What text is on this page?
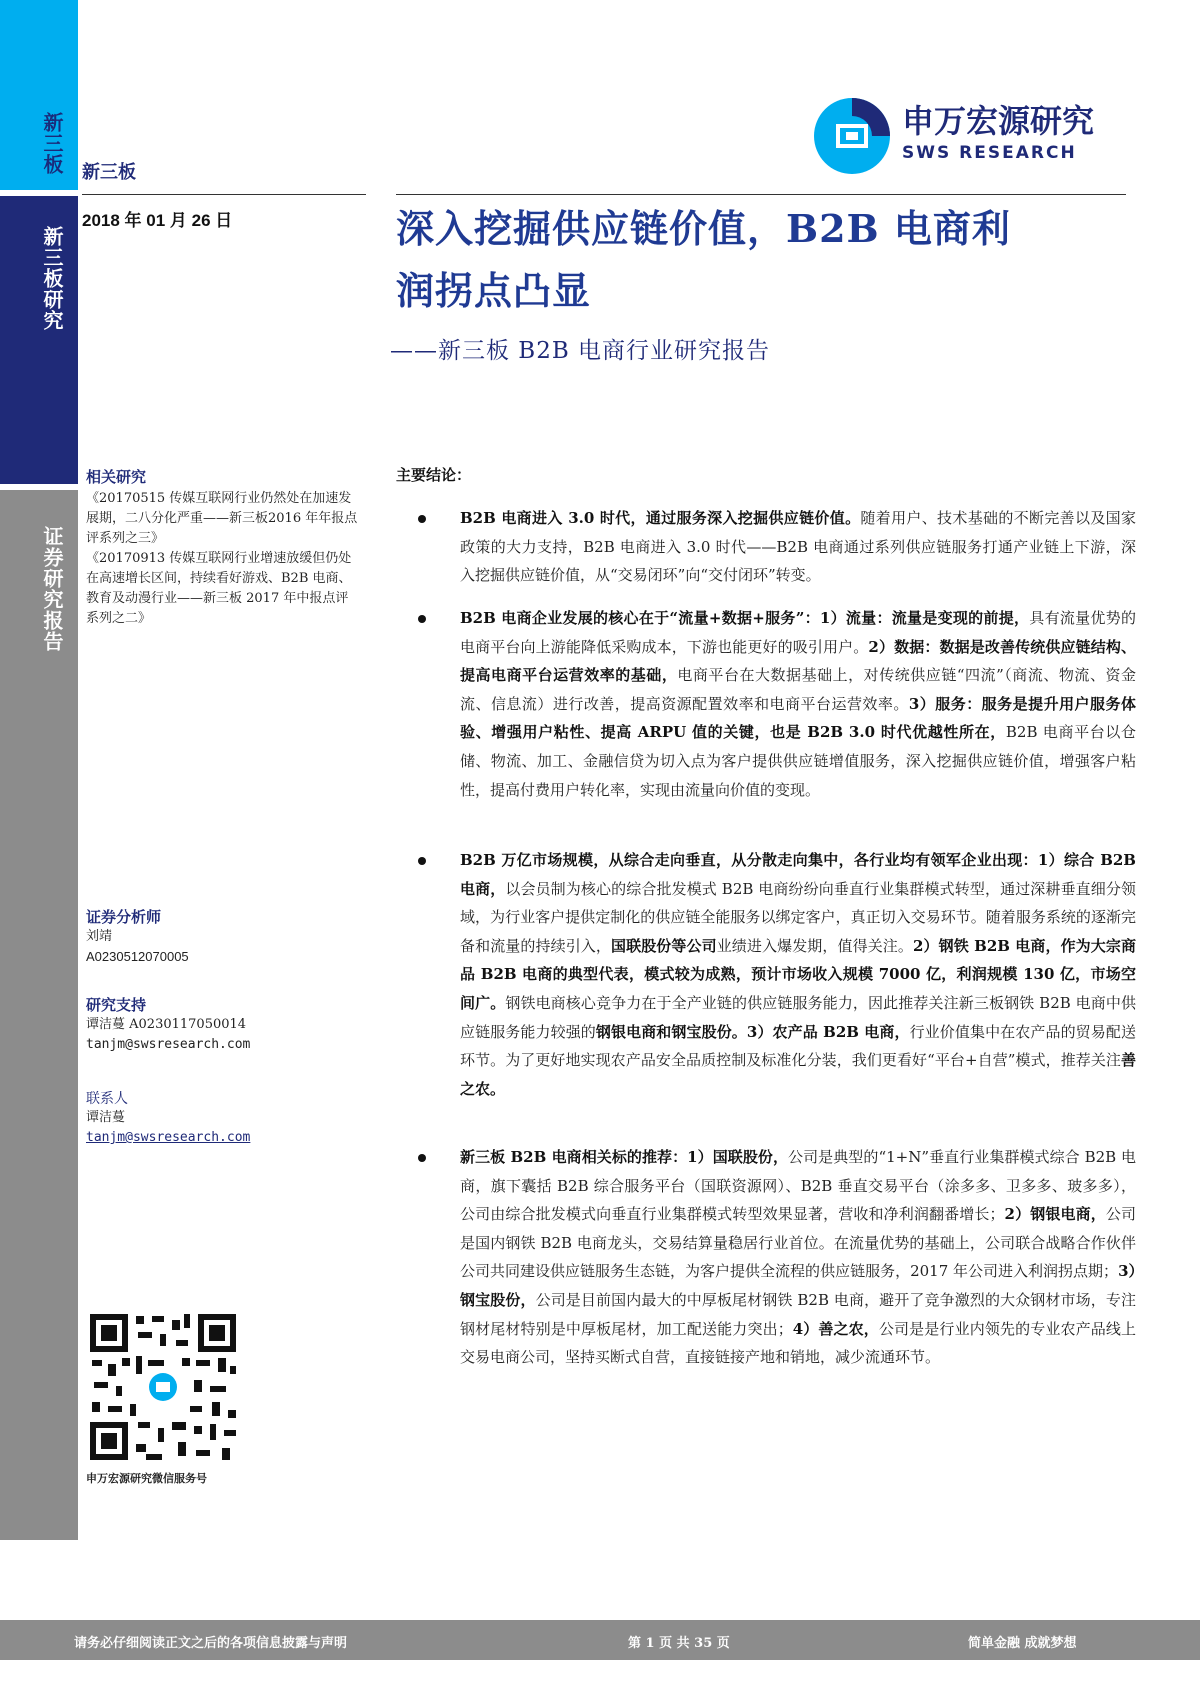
新三板
新三板研究
证券研究报告
新三板
2018 年 01 月 26 日
申万宏源研究
SWS RESEARCH
深入挖掘供应链价值，B2B 电商利
润拐点凸显
——新三板 B2B 电商行业研究报告
相关研究
《20170515 传媒互联网行业仍然处在加速发展期，二八分化严重——新三板2016 年年报点评系列之三》
《20170913 传媒互联网行业增速放缓但仍处在高速增长区间，持续看好游戏、B2B 电商、教育及动漫行业——新三板 2017 年中报点评系列之二》
证券分析师
刘靖
A0230512070005
研究支持
谭洁蔓 A0230117050014
tanjm@swsresearch.com
联系人
谭洁蔓
tanjm@swsresearch.com
申万宏源研究微信服务号
主要结论：
B2B 电商进入 3.0 时代，通过服务深入挖掘供应链价值。随着用户、技术基础的不断完善以及国家政策的大力支持，B2B 电商进入 3.0 时代——B2B 电商通过系列供应链服务打通产业链上下游，深入挖掘供应链价值，从“交易闭环”向“交付闭环”转变。
B2B 电商企业发展的核心在于“流量+数据+服务”：1）流量：流量是变现的前提，具有流量优势的电商平台向上游能降低采购成本，下游也能更好的吸引用户。2）数据：数据是改善传统供应链结构、提高电商平台运营效率的基础，电商平台在大数据基础上，对传统供应链“四流”（商流、物流、资金流、信息流）进行改善，提高资源配置效率和电商平台运营效率。3）服务：服务是提升用户服务体验、增强用户粘性、提高 ARPU 值的关键，也是 B2B 3.0 时代优越性所在，B2B 电商平台以仓储、物流、加工、金融信贷为切入点为客户提供供应链增值服务，深入挖掘供应链价值，增强客户粘性，提高付费用户转化率，实现由流量向价值的变现。
B2B 万亿市场规模，从综合走向垂直，从分散走向集中，各行业均有领军企业出现：1）综合 B2B 电商，以会员制为核心的综合批发模式 B2B 电商纷纷向垂直行业集群模式转型，通过深耕垂直细分领域，为行业客户提供定制化的供应链全能服务以绑定客户，真正切入交易环节。随着服务系统的逐渐完备和流量的持续引入，国联股份等公司业绩进入爆发期，值得关注。2）钢铁 B2B 电商，作为大宗商品 B2B 电商的典型代表，模式较为成熟，预计市场收入规模 7000 亿，利润规模 130 亿，市场空间广。钢铁电商核心竞争力在于全产业链的供应链服务能力，因此推荐关注新三板钢铁 B2B 电商中供应链服务能力较强的钢银电商和钢宝股份。3）农产品 B2B 电商，行业价值集中在农产品的贸易配送环节。为了更好地实现农产品安全品质控制及标准化分装，我们更看好“平台+自营”模式，推荐关注善之农。
新三板 B2B 电商相关标的推荐：1）国联股份，公司是典型的“1+N”垂直行业集群模式综合 B2B 电商，旗下囊括 B2B 综合服务平台（国联资源网）、B2B 垂直交易平台（涂多多、卫多多、玻多多），公司由综合批发模式向垂直行业集群模式转型效果显著，营收和净利润翻番增长；2）钢银电商，公司是国内钢铁 B2B 电商龙头，交易结算量稳居行业首位。在流量优势的基础上，公司联合战略合作伙伴公司共同建设供应链服务生态链，为客户提供全流程的供应链服务，2017 年公司进入利润拐点期；3）钢宝股份，公司是目前国内最大的中厚板尾材钢铁 B2B 电商，避开了竞争激烈的大众钢材市场，专注钢材尾材特别是中厚板尾材，加工配送能力突出；4）善之农，公司是是行业内领先的专业农产品线上交易电商公司，坚持买断式自营，直接链接产地和销地，减少流通环节。
请务必仔细阅读正文之后的各项信息披露与声明	第 1 页 共 35 页	简单金融 成就梦想
